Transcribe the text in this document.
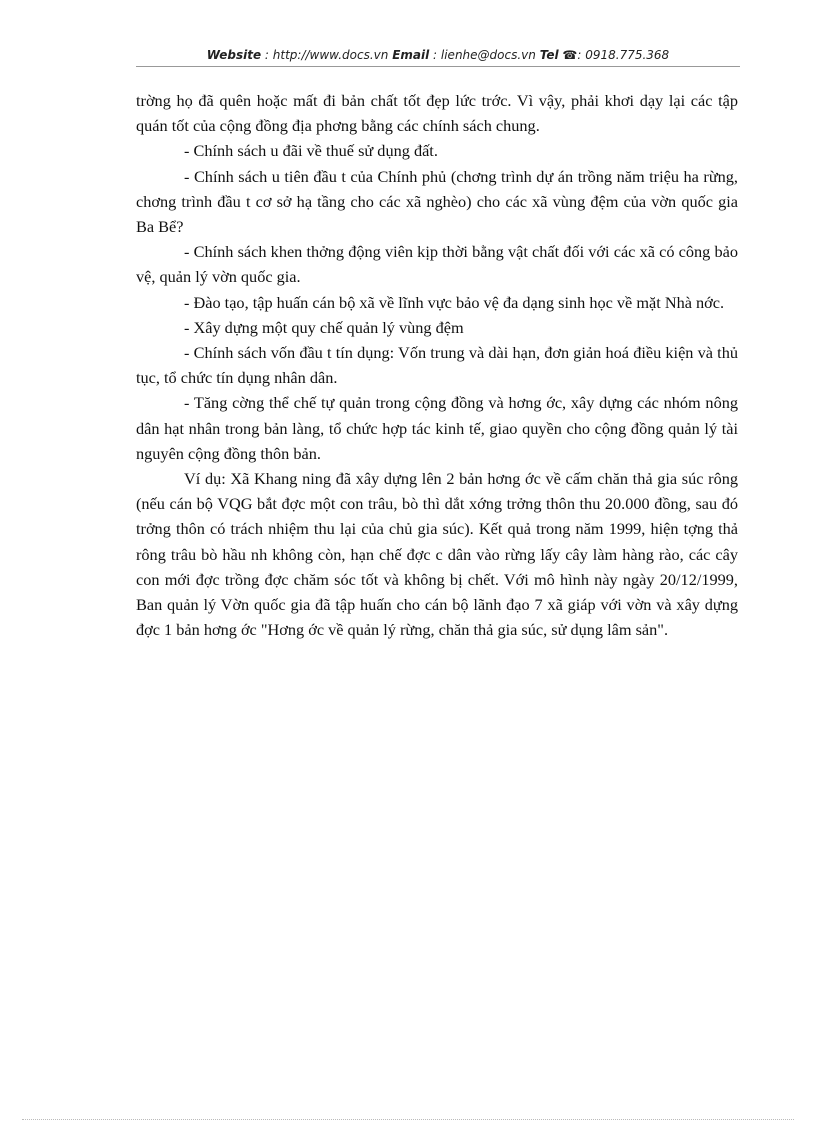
Website : http://www.docs.vn Email : lienhe@docs.vn Tel ☎: 0918.775.368

trờng họ đã quên hoặc mất đi bản chất tốt đẹp lức trớc. Vì vậy, phải khơi dạy lại các tập quán tốt của cộng đồng địa phơng bằng các chính sách chung.

- Chính sách u đãi về thuế sử dụng đất.

- Chính sách u tiên đầu t của Chính phủ (chơng trình dự án trồng năm triệu ha rừng, chơng trình đầu t cơ sở hạ tầng cho các xã nghèo) cho các xã vùng đệm của vờn quốc gia Ba Bể?

- Chính sách khen thởng động viên kịp thời bằng vật chất đối với các xã có công bảo vệ, quản lý vờn quốc gia.

- Đào tạo, tập huấn cán bộ xã về lĩnh vực bảo vệ đa dạng sinh học về mặt Nhà nớc.

- Xây dựng một quy chế quản lý vùng đệm

- Chính sách vốn đầu t tín dụng: Vốn trung và dài hạn, đơn giản hoá điều kiện và thủ tục, tổ chức tín dụng nhân dân.

- Tăng cờng thể chế tự quản trong cộng đồng và hơng ớc, xây dựng các nhóm nông dân hạt nhân trong bản làng, tổ chức hợp tác kinh tế, giao quyền cho cộng đồng quản lý tài nguyên cộng đồng thôn bản.

Ví dụ: Xã Khang ning đã xây dựng lên 2 bản hơng ớc về cấm chăn thả gia súc rông (nếu cán bộ VQG bắt đợc một con trâu, bò thì dắt xớng trởng thôn thu 20.000 đồng, sau đó trởng thôn có trách nhiệm thu lại của chủ gia súc). Kết quả trong năm 1999, hiện tợng thả rông trâu bò hầu nh không còn, hạn chế đợc c dân vào rừng lấy cây làm hàng rào, các cây con mới đợc trồng đợc chăm sóc tốt và không bị chết. Với mô hình này ngày 20/12/1999, Ban quản lý Vờn quốc gia đã tập huấn cho cán bộ lãnh đạo 7 xã giáp với vờn và xây dựng đợc 1 bản hơng ớc "Hơng ớc về quản lý rừng, chăn thả gia súc, sử dụng lâm sản".
